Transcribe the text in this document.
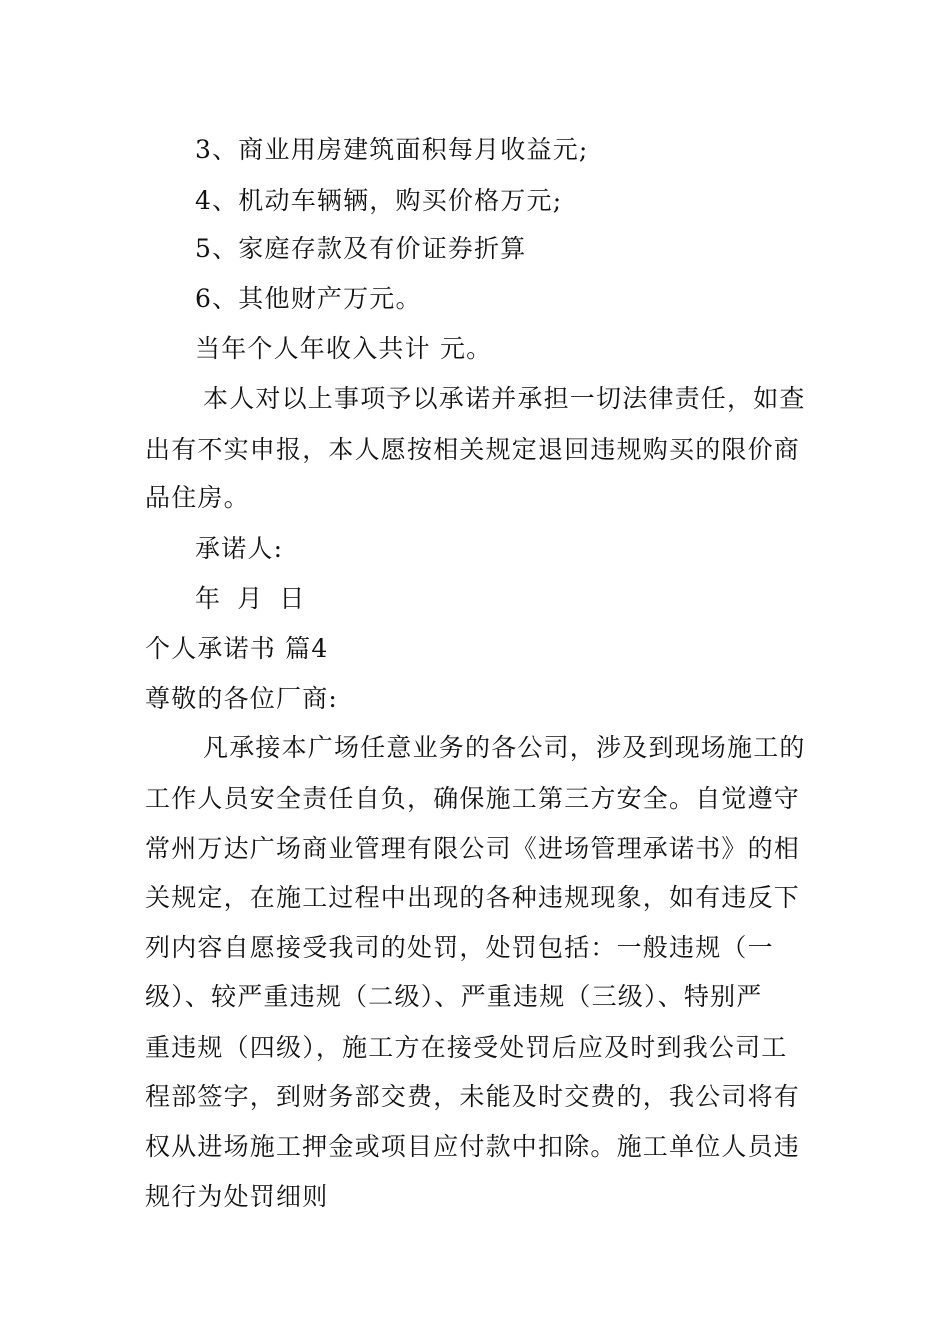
3、商业用房建筑面积每月收益元;
4、机动车辆辆，购买价格万元;
5、家庭存款及有价证券折算
6、其他财产万元。
当年个人年收入共计 元。
本人对以上事项予以承诺并承担一切法律责任，如查
出有不实申报，本人愿按相关规定退回违规购买的限价商
品住房。
承诺人:
年 月 日
个人承诺书 篇4
尊敬的各位厂商:
凡承接本广场任意业务的各公司，涉及到现场施工的
工作人员安全责任自负，确保施工第三方安全。自觉遵守
常州万达广场商业管理有限公司《进场管理承诺书》的相
关规定，在施工过程中出现的各种违规现象，如有违反下
列内容自愿接受我司的处罚，处罚包括：一般违规（一
级）、较严重违规（二级）、严重违规（三级）、特别严
重违规（四级），施工方在接受处罚后应及时到我公司工
程部签字，到财务部交费，未能及时交费的，我公司将有
权从进场施工押金或项目应付款中扣除。施工单位人员违
规行为处罚细则
